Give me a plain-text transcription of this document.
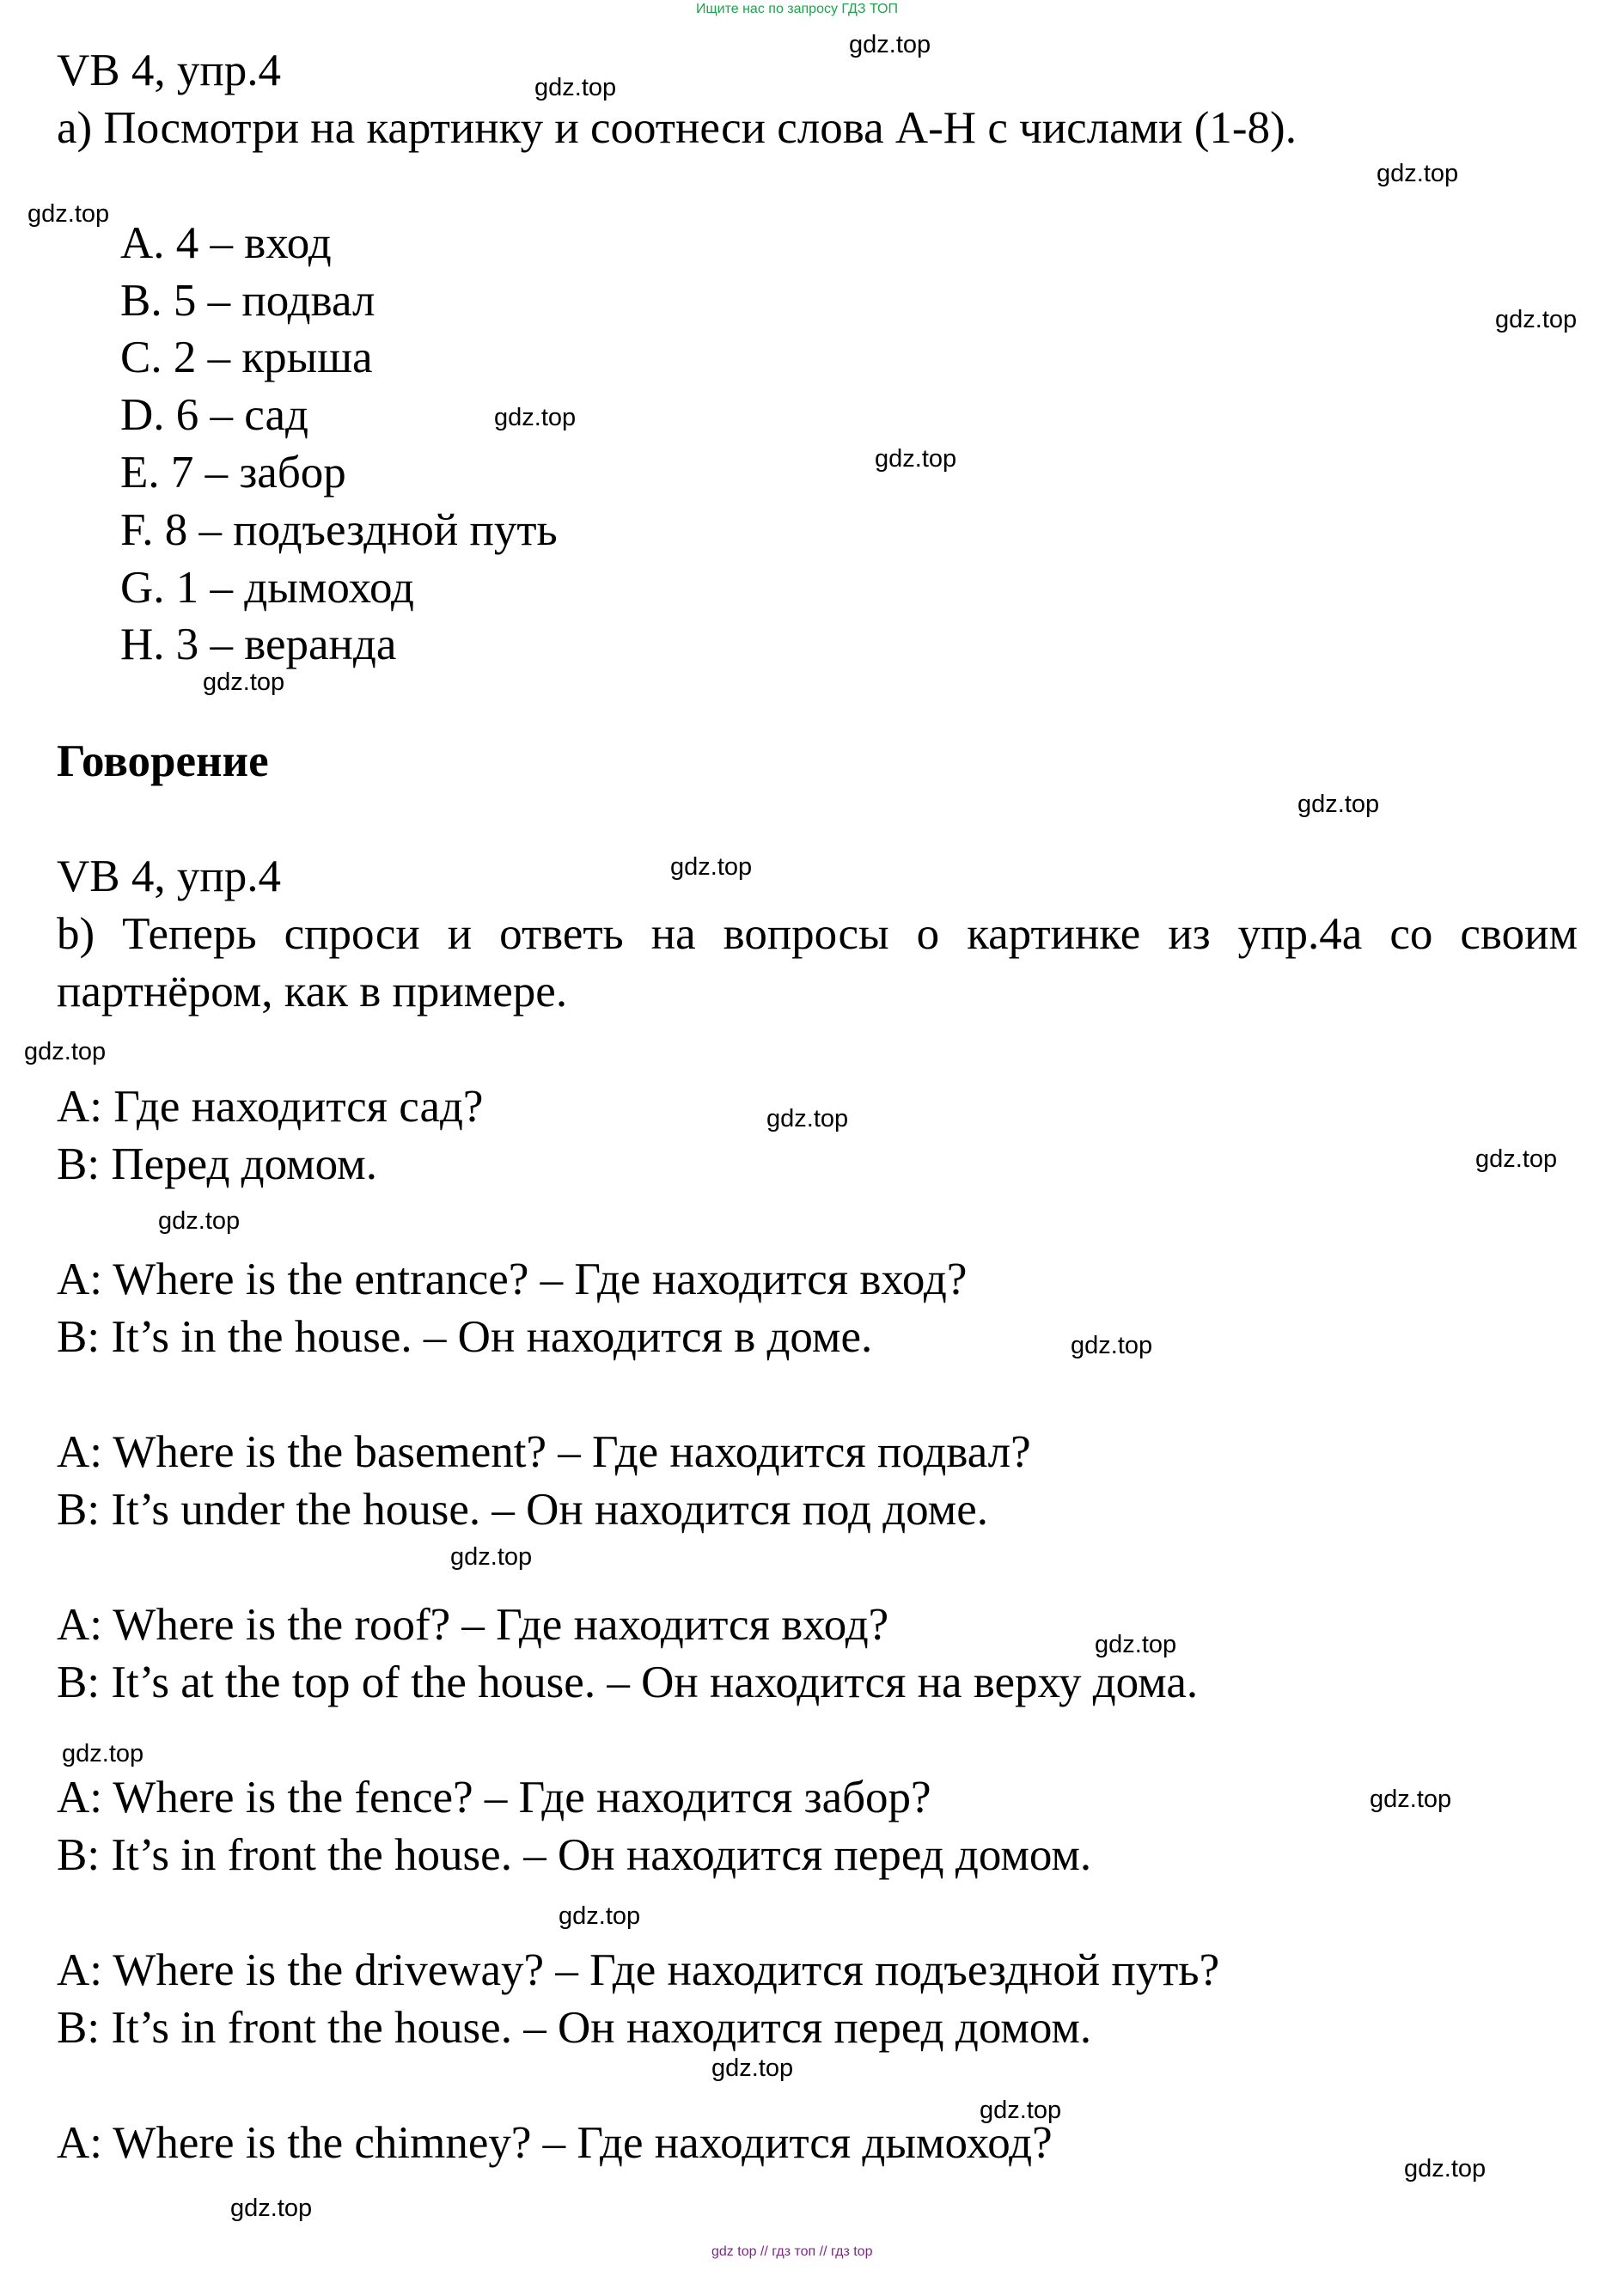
Ищите нас по запросу ГДЗ ТОП
VB 4, упр.4
a) Посмотри на картинку и соотнеси слова A-H с числами (1-8).
A. 4 – вход
B. 5 – подвал
C. 2 – крыша
D. 6 – сад
E. 7 – забор
F. 8 – подъездной путь
G. 1 – дымоход
H. 3 – веранда
Говорение
VB 4, упр.4
b) Теперь спроси и ответь на вопросы о картинке из упр.4a со своим
партнёром, как в примере.
A: Где находится сад?
B: Перед домом.
A: Where is the entrance? – Где находится вход?
B: It’s in the house. – Он находится в доме.
A: Where is the basement? – Где находится подвал?
B: It’s under the house. – Он находится под доме.
A: Where is the roof? – Где находится вход?
B: It’s at the top of the house. – Он находится на верху дома.
A: Where is the fence? – Где находится забор?
B: It’s in front the house. – Он находится перед домом.
A: Where is the driveway? – Где находится подъездной путь?
B: It’s in front the house. – Он находится перед домом.
A: Where is the chimney? – Где находится дымоход?
gdz.top
gdz.top
gdz.top
gdz.top
gdz.top
gdz.top
gdz.top
gdz.top
gdz.top
gdz.top
gdz.top
gdz.top
gdz.top
gdz.top
gdz.top
gdz.top
gdz.top
gdz.top
gdz.top
gdz.top
gdz.top
gdz.top
gdz.top
gdz.top
gdz top // гдз топ // гдз top
